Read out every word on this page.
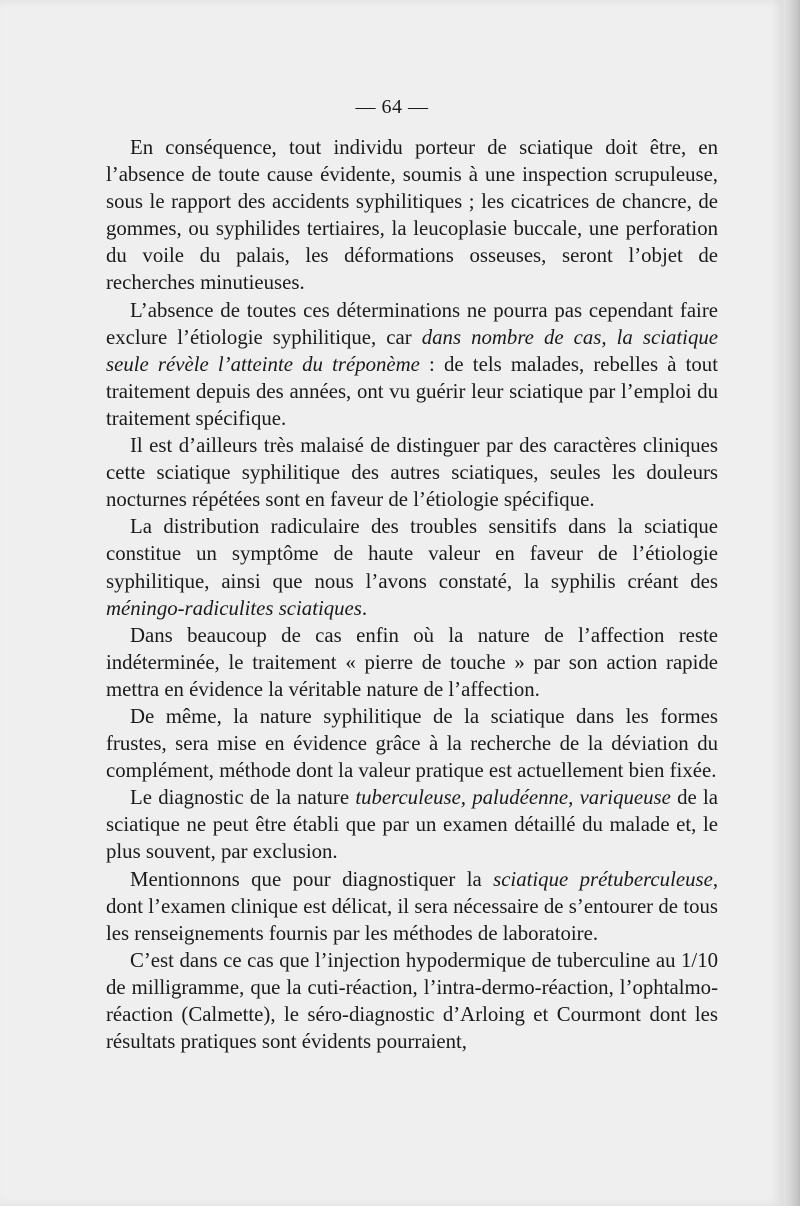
— 64 —

En conséquence, tout individu porteur de sciatique doit être, en l’absence de toute cause évidente, soumis à une inspection scrupuleuse, sous le rapport des accidents syphilitiques ; les cicatrices de chancre, de gommes, ou syphilides tertiaires, la leucoplasie buccale, une perforation du voile du palais, les déformations osseuses, seront l’objet de recherches minutieuses.

L’absence de toutes ces déterminations ne pourra pas cependant faire exclure l’étiologie syphilitique, car dans nombre de cas, la sciatique seule révèle l’atteinte du tréponème : de tels malades, rebelles à tout traitement depuis des années, ont vu guérir leur sciatique par l’emploi du traitement spécifique.

Il est d’ailleurs très malaisé de distinguer par des caractères cliniques cette sciatique syphilitique des autres sciatiques, seules les douleurs nocturnes répétées sont en faveur de l’étiologie spécifique.

La distribution radiculaire des troubles sensitifs dans la sciatique constitue un symptôme de haute valeur en faveur de l’étiologie syphilitique, ainsi que nous l’avons constaté, la syphilis créant des méningo-radiculites sciatiques.

Dans beaucoup de cas enfin où la nature de l’affection reste indéterminée, le traitement « pierre de touche » par son action rapide mettra en évidence la véritable nature de l’affection.

De même, la nature syphilitique de la sciatique dans les formes frustes, sera mise en évidence grâce à la recherche de la déviation du complément, méthode dont la valeur pratique est actuellement bien fixée.

Le diagnostic de la nature tuberculeuse, paludéenne, variqueuse de la sciatique ne peut être établi que par un examen détaillé du malade et, le plus souvent, par exclusion.

Mentionnons que pour diagnostiquer la sciatique prétuberculeuse, dont l’examen clinique est délicat, il sera nécessaire de s’entourer de tous les renseignements fournis par les méthodes de laboratoire.

C’est dans ce cas que l’injection hypodermique de tuberculine au 1/10 de milligramme, que la cuti-réaction, l’intra-dermo-réaction, l’ophtalmo-réaction (Calmette), le séro-diagnostic d’Arloing et Courmont dont les résultats pratiques sont évidents pourraient,
